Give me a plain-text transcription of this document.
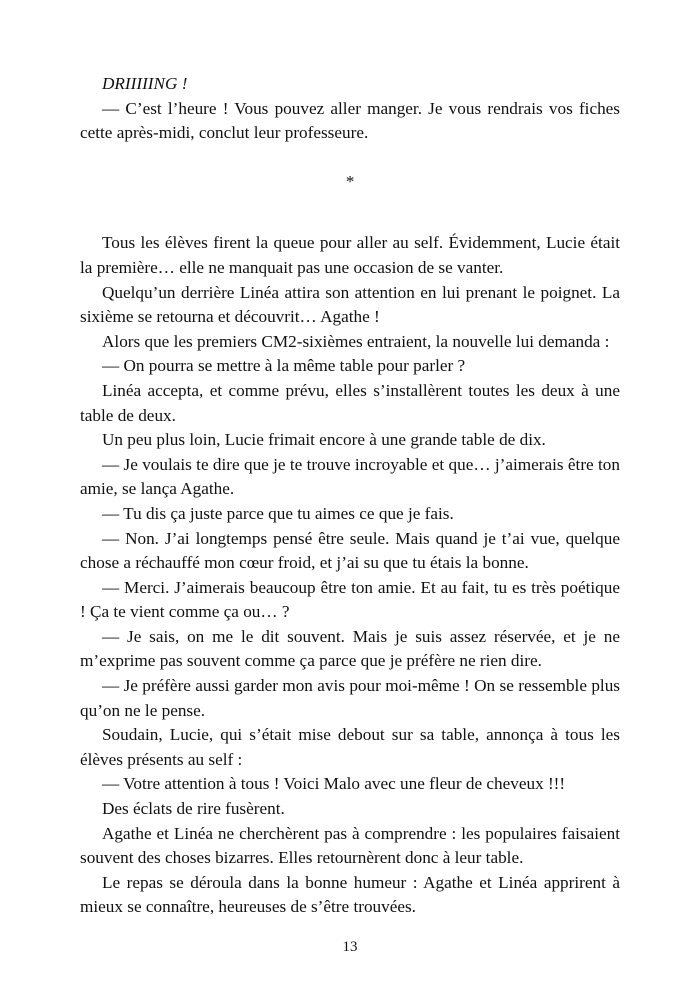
DRIIIIING !

— C’est l’heure ! Vous pouvez aller manger. Je vous rendrais vos fiches cette après-midi, conclut leur professeure.

*

Tous les élèves firent la queue pour aller au self. Évidemment, Lucie était la première… elle ne manquait pas une occasion de se vanter.

Quelqu’un derrière Linéa attira son attention en lui prenant le poignet. La sixième se retourna et découvrit… Agathe !

Alors que les premiers CM2-sixièmes entraient, la nouvelle lui demanda :

— On pourra se mettre à la même table pour parler ?

Linéa accepta, et comme prévu, elles s’installèrent toutes les deux à une table de deux.

Un peu plus loin, Lucie frimait encore à une grande table de dix.

— Je voulais te dire que je te trouve incroyable et que… j’aimerais être ton amie, se lança Agathe.

— Tu dis ça juste parce que tu aimes ce que je fais.

— Non. J’ai longtemps pensé être seule. Mais quand je t’ai vue, quelque chose a réchauffé mon cœur froid, et j’ai su que tu étais la bonne.

— Merci. J’aimerais beaucoup être ton amie. Et au fait, tu es très poétique ! Ça te vient comme ça ou… ?

— Je sais, on me le dit souvent. Mais je suis assez réservée, et je ne m’exprime pas souvent comme ça parce que je préfère ne rien dire.

— Je préfère aussi garder mon avis pour moi-même ! On se ressemble plus qu’on ne le pense.

Soudain, Lucie, qui s’était mise debout sur sa table, annonça à tous les élèves présents au self :

— Votre attention à tous ! Voici Malo avec une fleur de cheveux !!!

Des éclats de rire fusèrent.

Agathe et Linéa ne cherchèrent pas à comprendre : les populaires faisaient souvent des choses bizarres. Elles retournèrent donc à leur table.

Le repas se déroula dans la bonne humeur : Agathe et Linéa apprirent à mieux se connaître, heureuses de s’être trouvées.

13
